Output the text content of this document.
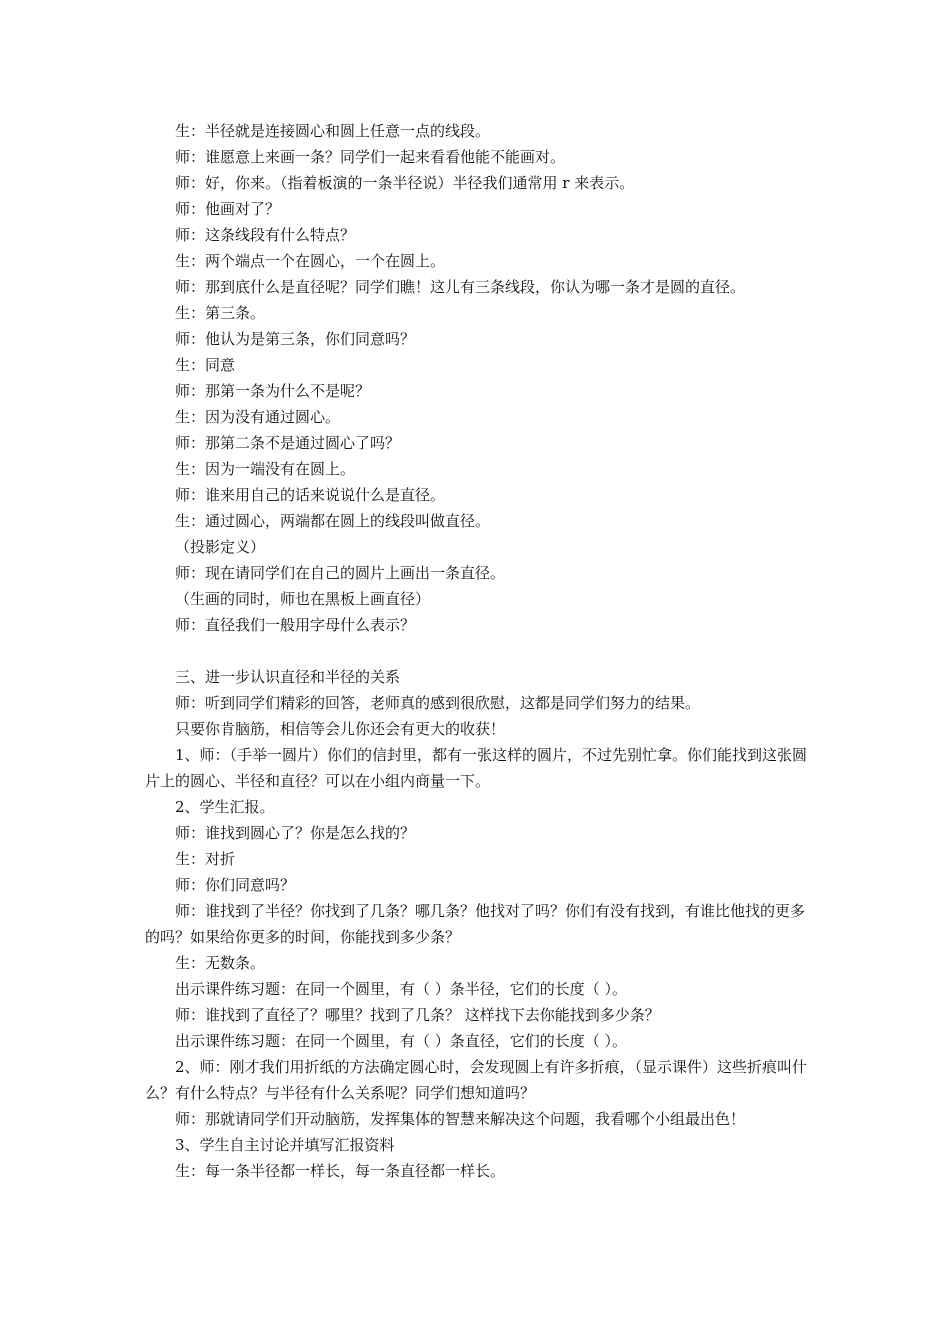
生：半径就是连接圆心和圆上任意一点的线段。

师：谁愿意上来画一条？同学们一起来看看他能不能画对。

师：好，你来。（指着板演的一条半径说）半径我们通常用 r 来表示。

师：他画对了？

师：这条线段有什么特点？

生：两个端点一个在圆心，一个在圆上。

师：那到底什么是直径呢？同学们瞧！这儿有三条线段，你认为哪一条才是圆的直径。

生：第三条。

师：他认为是第三条，你们同意吗？

生：同意

师：那第一条为什么不是呢？

生：因为没有通过圆心。

师：那第二条不是通过圆心了吗？

生：因为一端没有在圆上。

师：谁来用自己的话来说说什么是直径。

生：通过圆心，两端都在圆上的线段叫做直径。

（投影定义）

师：现在请同学们在自己的圆片上画出一条直径。

（生画的同时，师也在黑板上画直径）

师：直径我们一般用字母什么表示？

三、进一步认识直径和半径的关系

师：听到同学们精彩的回答，老师真的感到很欣慰，这都是同学们努力的结果。

只要你肯脑筋，相信等会儿你还会有更大的收获！

1、师：（手举一圆片）你们的信封里，都有一张这样的圆片，不过先别忙拿。你们能找到这张圆片上的圆心、半径和直径？可以在小组内商量一下。

2、学生汇报。

师：谁找到圆心了？你是怎么找的？

生：对折

师：你们同意吗？

师：谁找到了半径？你找到了几条？哪几条？他找对了吗？你们有没有找到，有谁比他找的更多的吗？如果给你更多的时间，你能找到多少条？

生：无数条。

出示课件练习题：在同一个圆里，有（ ）条半径，它们的长度（ ）。

师：谁找到了直径了？哪里？找到了几条？ 这样找下去你能找到多少条？

出示课件练习题：在同一个圆里，有（ ）条直径，它们的长度（ ）。

2、师：刚才我们用折纸的方法确定圆心时，会发现圆上有许多折痕，（显示课件）这些折痕叫什么？有什么特点？与半径有什么关系呢？同学们想知道吗？

师：那就请同学们开动脑筋，发挥集体的智慧来解决这个问题，我看哪个小组最出色！

3、学生自主讨论并填写汇报资料

生：每一条半径都一样长，每一条直径都一样长。
